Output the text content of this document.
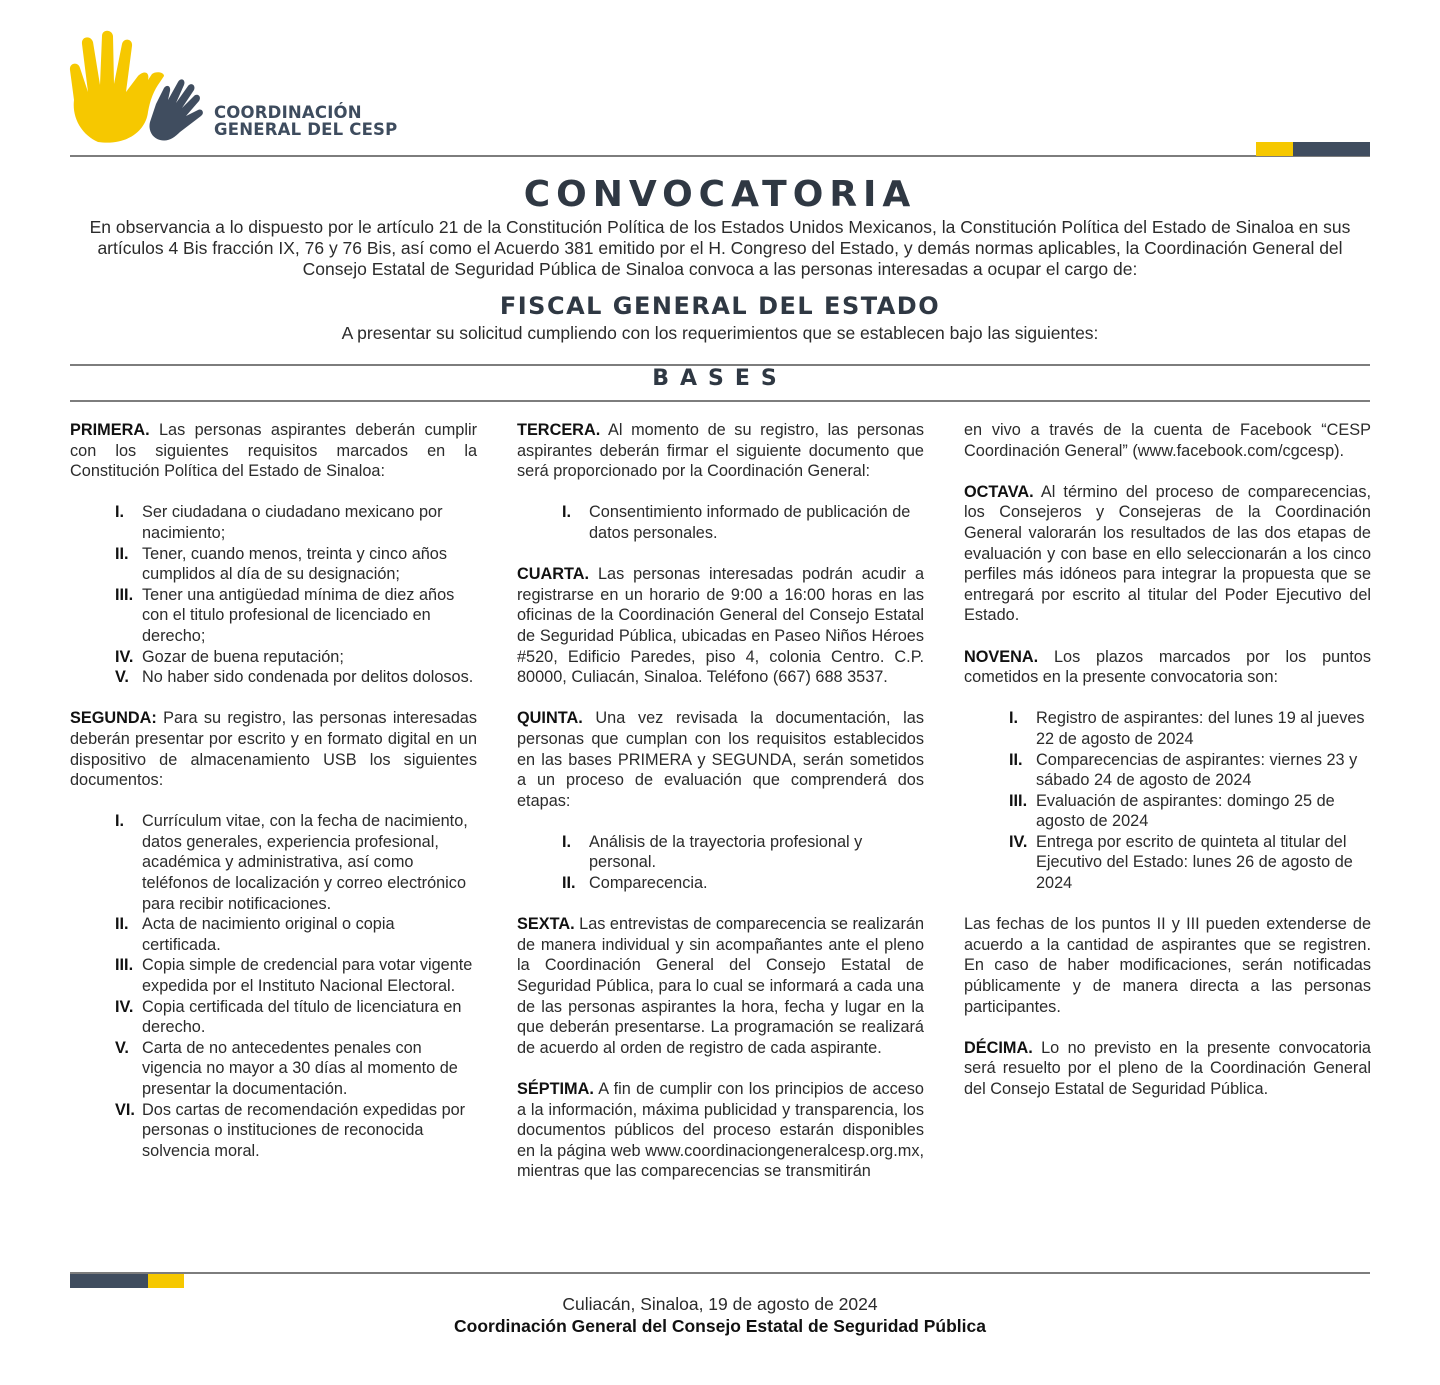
COORDINACIÓN
GENERAL DEL CESP
CONVOCATORIA

En observancia a lo dispuesto por le artículo 21 de la Constitución Política de los Estados Unidos Mexicanos, la Constitución Política del Estado de Sinaloa en sus artículos 4 Bis fracción IX, 76 y 76 Bis, así como el Acuerdo 381 emitido por el H. Congreso del Estado, y demás normas aplicables, la Coordinación General del Consejo Estatal de Seguridad Pública de Sinaloa convoca a las personas interesadas a ocupar el cargo de:

FISCAL GENERAL DEL ESTADO

A presentar su solicitud cumpliendo con los requerimientos que se establecen bajo las siguientes:

BASES

PRIMERA. Las personas aspirantes deberán cumplir con los siguientes requisitos marcados en la Constitución Política del Estado de Sinaloa:

I. Ser ciudadana o ciudadano mexicano por nacimiento;
II. Tener, cuando menos, treinta y cinco años cumplidos al día de su designación;
III. Tener una antigüedad mínima de diez años con el titulo profesional de licenciado en derecho;
IV. Gozar de buena reputación;
V. No haber sido condenada por delitos dolosos.

SEGUNDA: Para su registro, las personas interesadas deberán presentar por escrito y en formato digital en un dispositivo de almacenamiento USB los siguientes documentos:

I. Currículum vitae, con la fecha de nacimiento, datos generales, experiencia profesional, académica y administrativa, así como teléfonos de localización y correo electrónico para recibir notificaciones.
II. Acta de nacimiento original o copia certificada.
III. Copia simple de credencial para votar vigente expedida por el Instituto Nacional Electoral.
IV. Copia certificada del título de licenciatura en derecho.
V. Carta de no antecedentes penales con vigencia no mayor a 30 días al momento de presentar la documentación.
VI. Dos cartas de recomendación expedidas por personas o instituciones de reconocida solvencia moral.

TERCERA. Al momento de su registro, las personas aspirantes deberán firmar el siguiente documento que será proporcionado por la Coordinación General:

I. Consentimiento informado de publicación de datos personales.

CUARTA. Las personas interesadas podrán acudir a registrarse en un horario de 9:00 a 16:00 horas en las oficinas de la Coordinación General del Consejo Estatal de Seguridad Pública, ubicadas en Paseo Niños Héroes #520, Edificio Paredes, piso 4, colonia Centro. C.P. 80000, Culiacán, Sinaloa. Teléfono (667) 688 3537.

QUINTA. Una vez revisada la documentación, las personas que cumplan con los requisitos establecidos en las bases PRIMERA y SEGUNDA, serán sometidos a un proceso de evaluación que comprenderá dos etapas:

I. Análisis de la trayectoria profesional y personal.
II. Comparecencia.

SEXTA. Las entrevistas de comparecencia se realizarán de manera individual y sin acompañantes ante el pleno la Coordinación General del Consejo Estatal de Seguridad Pública, para lo cual se informará a cada una de las personas aspirantes la hora, fecha y lugar en la que deberán presentarse. La programación se realizará de acuerdo al orden de registro de cada aspirante.

SÉPTIMA. A fin de cumplir con los principios de acceso a la información, máxima publicidad y transparencia, los documentos públicos del proceso estarán disponibles en la página web www.coordinaciongeneralcesp.org.mx, mientras que las comparecencias se transmitirán

en vivo a través de la cuenta de Facebook “CESP Coordinación General” (www.facebook.com/cgcesp).

OCTAVA. Al término del proceso de comparecencias, los Consejeros y Consejeras de la Coordinación General valorarán los resultados de las dos etapas de evaluación y con base en ello seleccionarán a los cinco perfiles más idóneos para integrar la propuesta que se entregará por escrito al titular del Poder Ejecutivo del Estado.

NOVENA. Los plazos marcados por los puntos cometidos en la presente convocatoria son:

I. Registro de aspirantes: del lunes 19 al jueves 22 de agosto de 2024
II. Comparecencias de aspirantes: viernes 23 y sábado 24 de agosto de 2024
III. Evaluación de aspirantes: domingo 25 de agosto de 2024
IV. Entrega por escrito de quinteta al titular del Ejecutivo del Estado: lunes 26 de agosto de 2024

Las fechas de los puntos II y III pueden extenderse de acuerdo a la cantidad de aspirantes que se registren. En caso de haber modificaciones, serán notificadas públicamente y de manera directa a las personas participantes.

DÉCIMA. Lo no previsto en la presente convocatoria será resuelto por el pleno de la Coordinación General del Consejo Estatal de Seguridad Pública.

Culiacán, Sinaloa, 19 de agosto de 2024

Coordinación General del Consejo Estatal de Seguridad Pública
